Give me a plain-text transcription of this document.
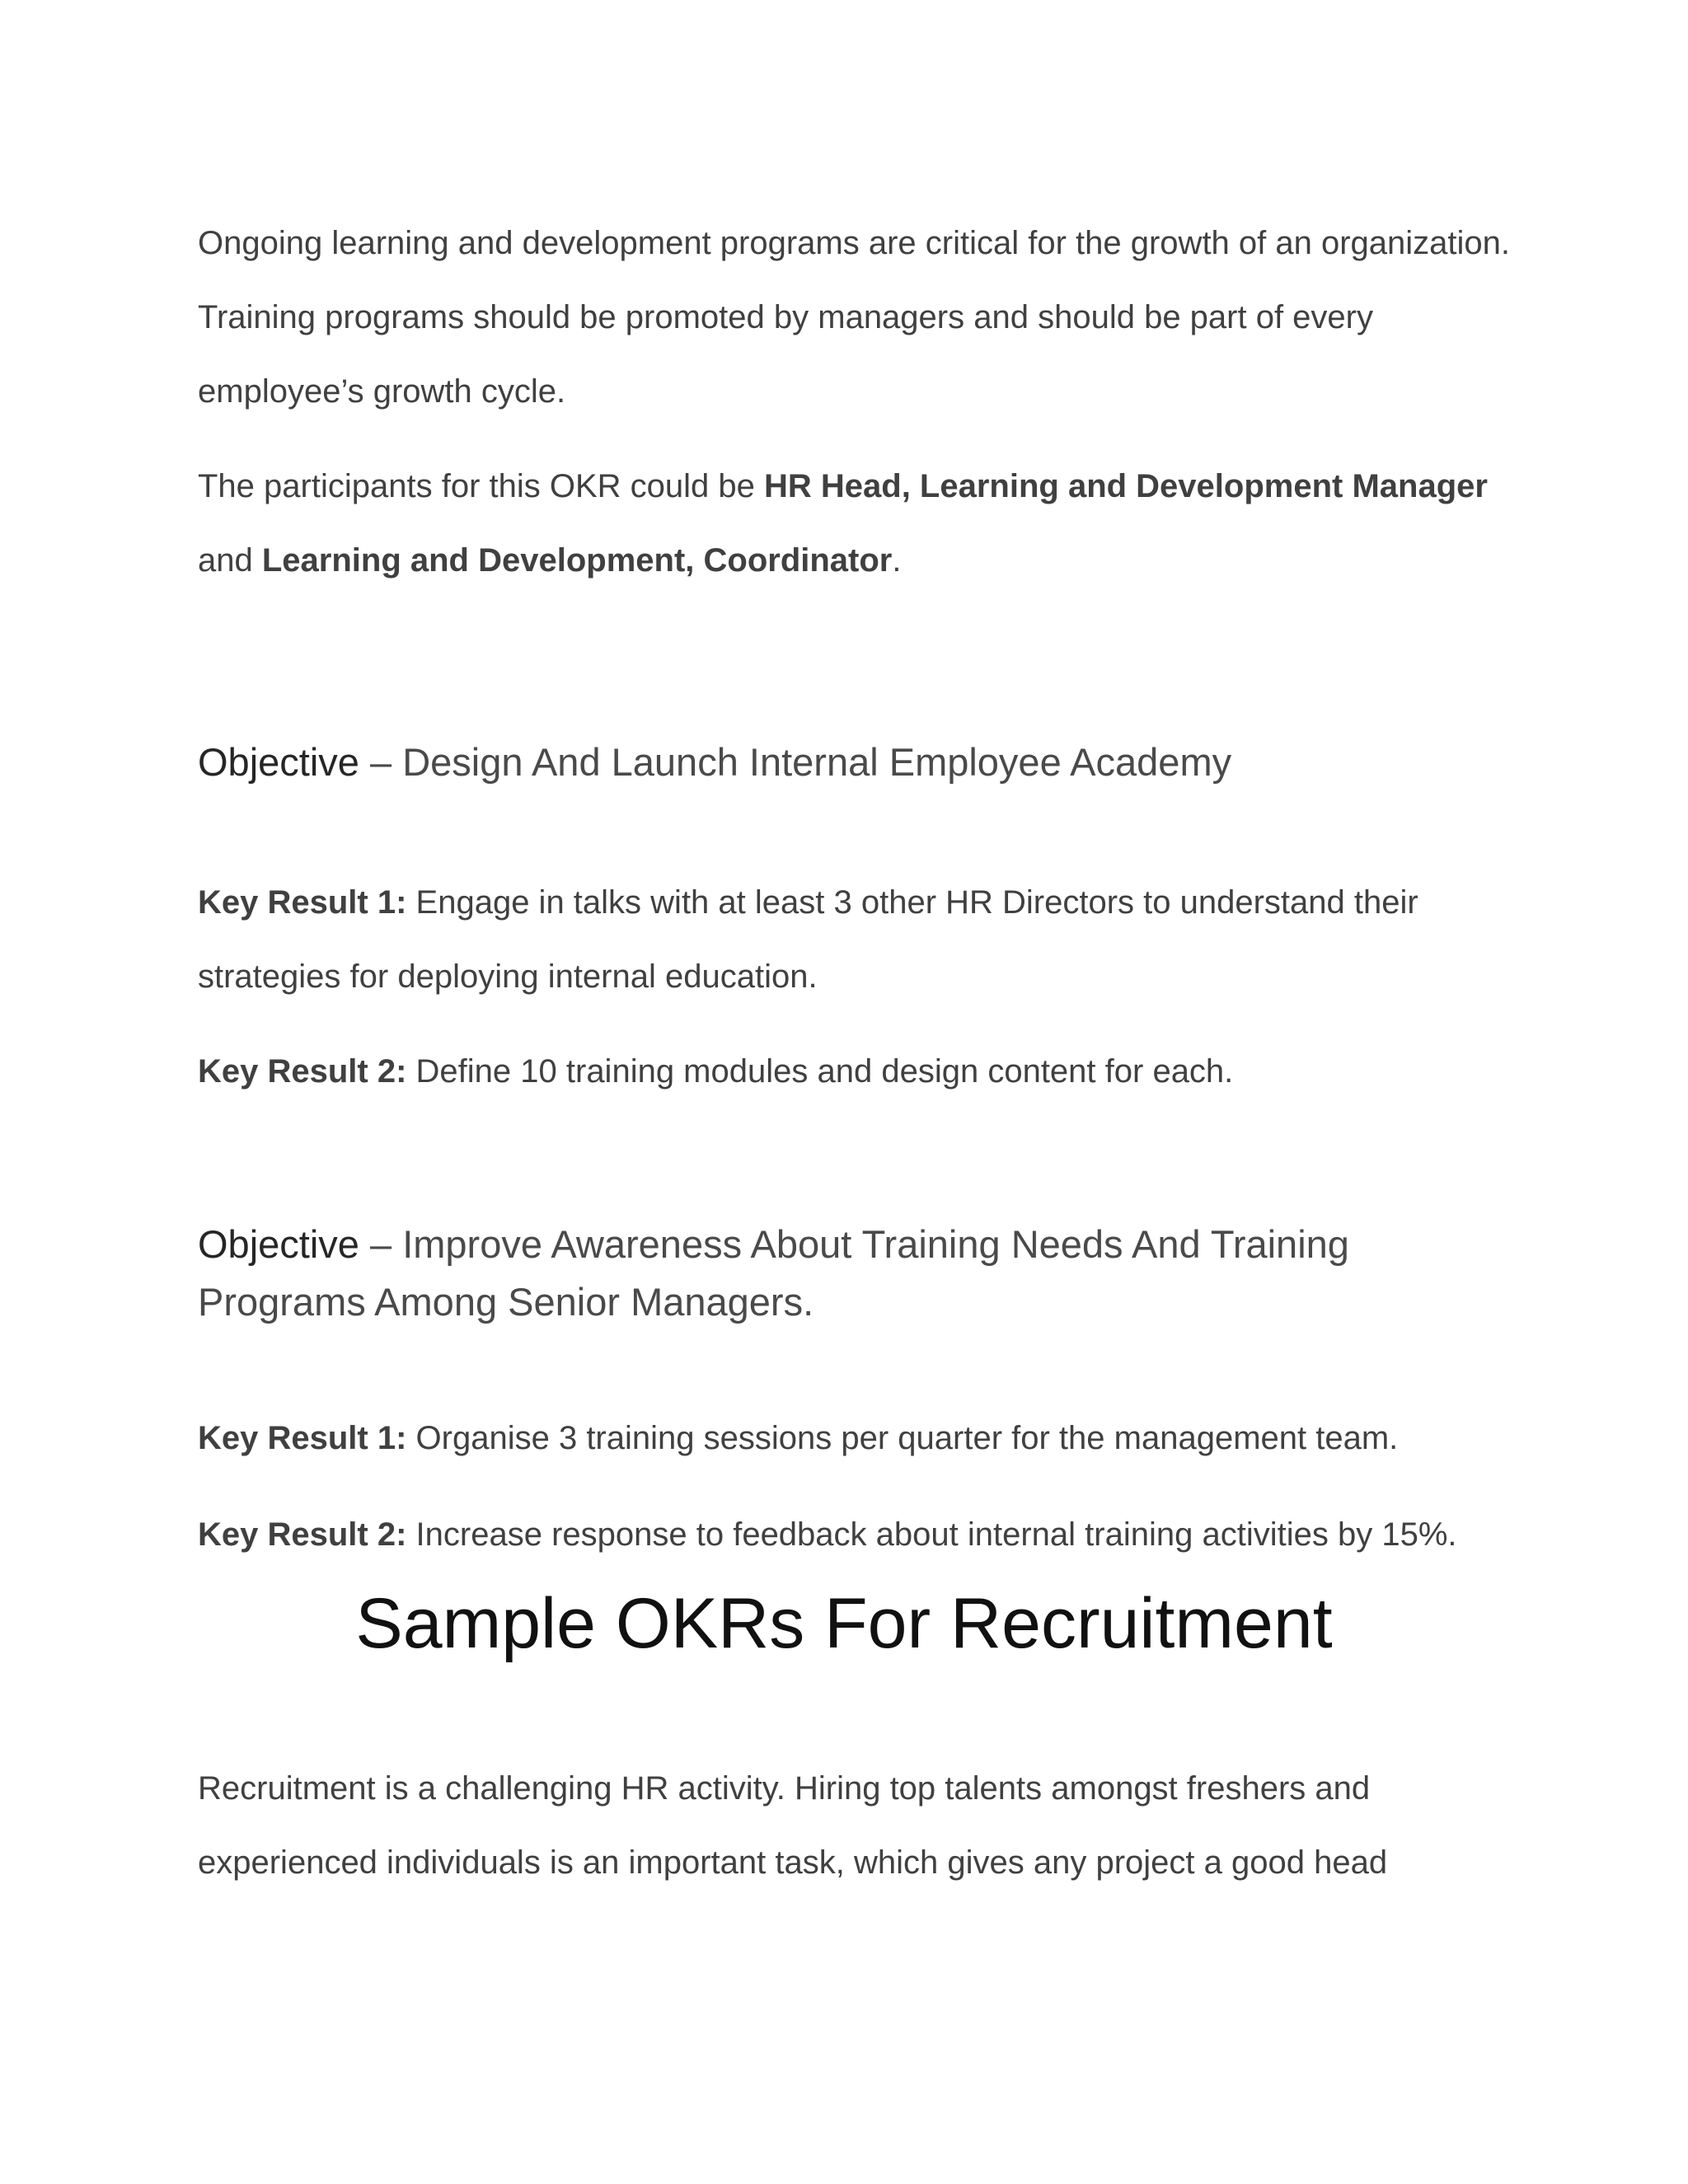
Ongoing learning and development programs are critical for the growth of an organization. Training programs should be promoted by managers and should be part of every employee’s growth cycle.

The participants for this OKR could be HR Head, Learning and Development Manager and Learning and Development, Coordinator.

Objective – Design And Launch Internal Employee Academy

Key Result 1: Engage in talks with at least 3 other HR Directors to understand their strategies for deploying internal education.

Key Result 2: Define 10 training modules and design content for each.

Objective – Improve Awareness About Training Needs And Training Programs Among Senior Managers.

Key Result 1: Organise 3 training sessions per quarter for the management team.

Key Result 2: Increase response to feedback about internal training activities by 15%.

Sample OKRs For Recruitment

Recruitment is a challenging HR activity. Hiring top talents amongst freshers and experienced individuals is an important task, which gives any project a good head
